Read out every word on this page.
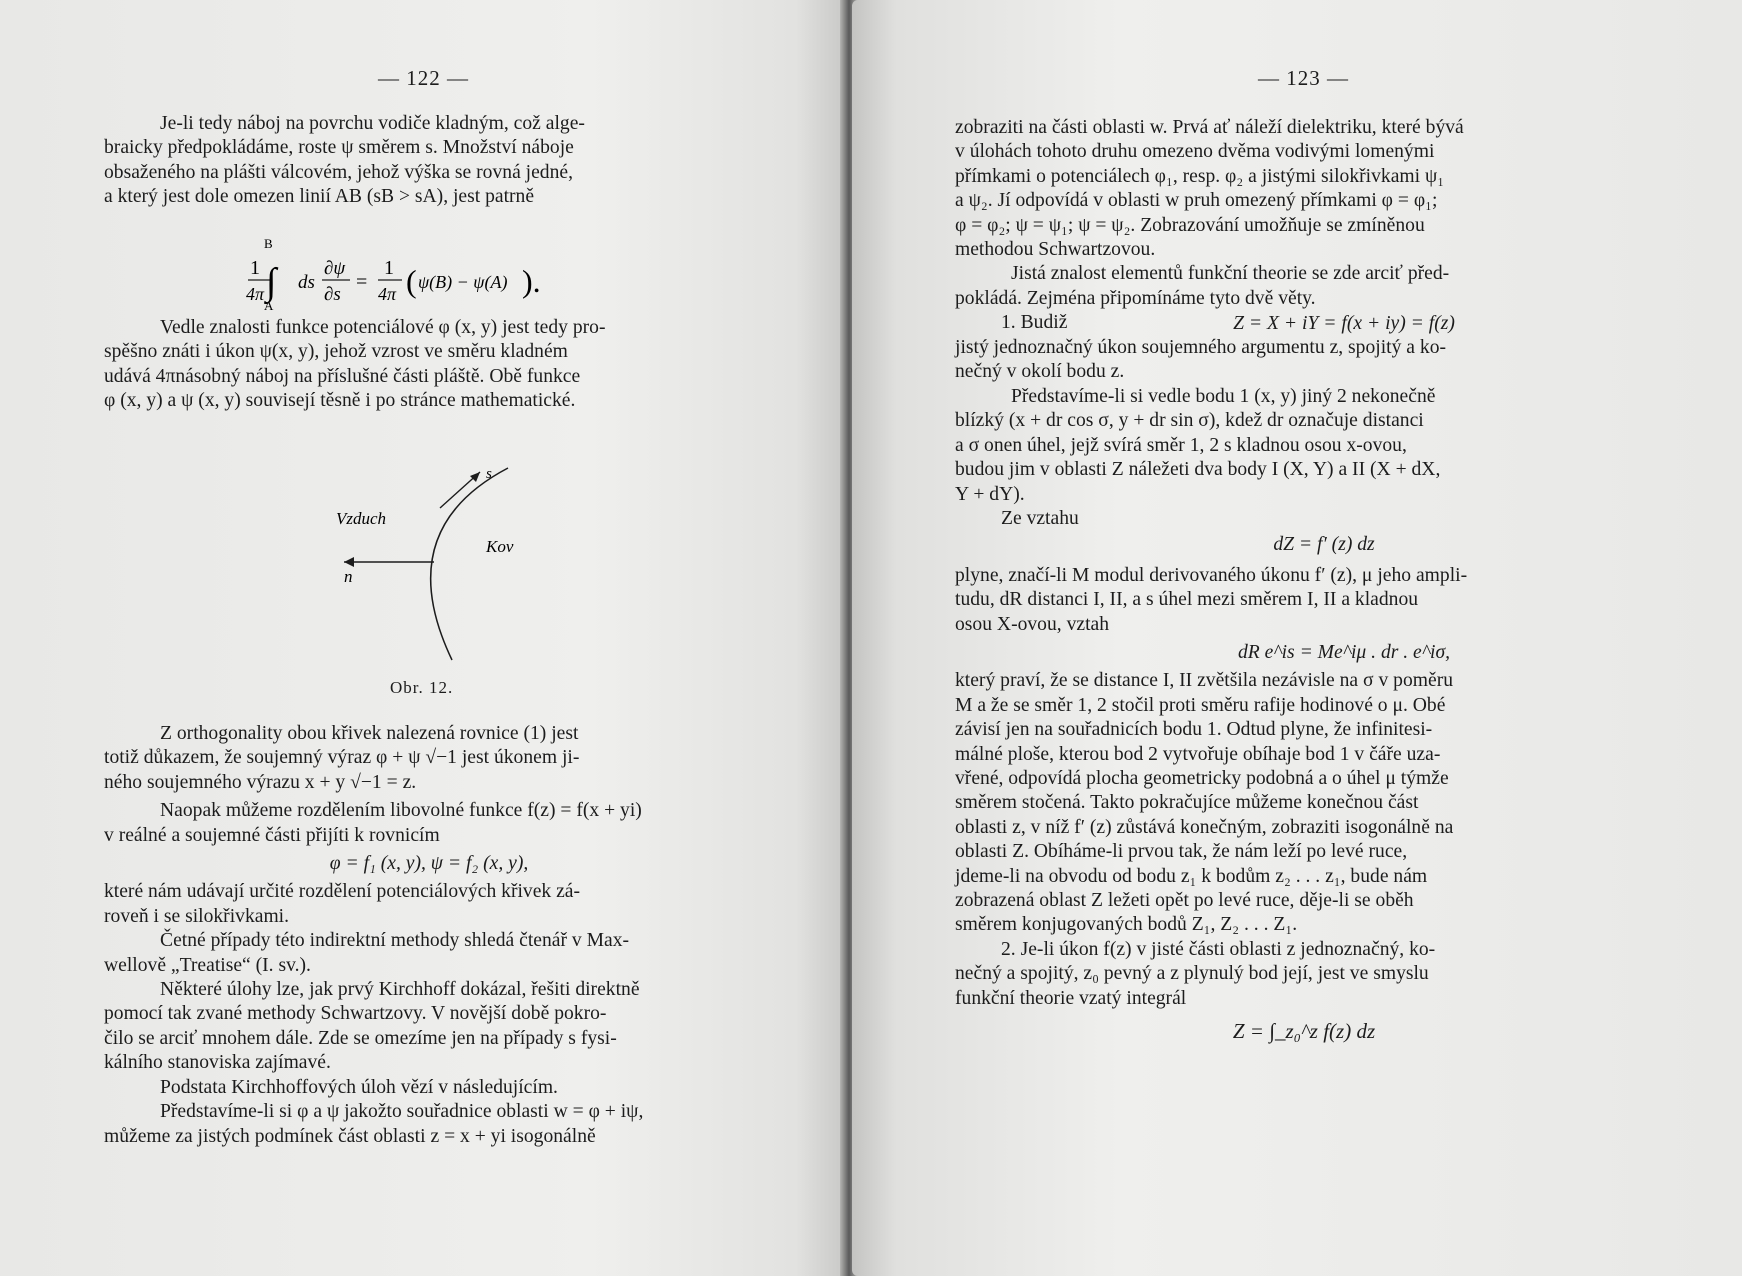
— 122 —
Je-li tedy náboj na povrchu vodiče kladným, což alge-
braicky předpokládáme, roste ψ směrem s. Množství náboje
obsaženého na plášti válcovém, jehož výška se rovná jedné,
a který jest dole omezen linií AB (sB > sA), jest patrně
B
1
4π ∫ ds
∂ψ
∂s
=
1
4π ( ψ(B) − ψ(A) ).
A
Vedle znalosti funkce potenciálové φ (x, y) jest tedy pro-
spěšno znáti i úkon ψ(x, y), jehož vzrost ve směru kladném
udává 4πnásobný náboj na příslušné části pláště. Obě funkce
φ (x, y) a ψ (x, y) souvisejí těsně i po stránce mathematické.
Vzduch
s
Kov
n
Obr. 12.
Z orthogonality obou křivek nalezená rovnice (1) jest
totiž důkazem, že soujemný výraz φ + ψ √−1 jest úkonem ji-
ného soujemného výrazu x + y √−1 = z.
Naopak můžeme rozdělením libovolné funkce f(z) = f(x + yi)
v reálné a soujemné části přijíti k rovnicím
φ = f₁ (x, y), ψ = f₂ (x, y),
které nám udávají určité rozdělení potenciálových křivek zá-
roveň i se silokřivkami.
Četné případy této indirektní methody shledá čtenář v Max-
wellově „Treatise“ (I. sv.).
Některé úlohy lze, jak prvý Kirchhoff dokázal, řešiti direktně
pomocí tak zvané methody Schwartzovy. V novější době pokro-
čilo se arciť mnohem dále. Zde se omezíme jen na případy s fysi-
kálního stanoviska zajímavé.
Podstata Kirchhoffových úloh vězí v následujícím.
Představíme-li si φ a ψ jakožto souřadnice oblasti w = φ + iψ,
můžeme za jistých podmínek část oblasti z = x + yi isogonálně
— 123 —
zobraziti na části oblasti w. Prvá ať náleží dielektriku, které bývá
v úlohách tohoto druhu omezeno dvěma vodivými lomenými
přímkami o potenciálech φ₁, resp. φ₂ a jistými silokřivkami ψ₁
a ψ₂. Jí odpovídá v oblasti w pruh omezený přímkami φ = φ₁;
φ = φ₂; ψ = ψ₁; ψ = ψ₂. Zobrazování umožňuje se zmíněnou
methodou Schwartzovou.
Jistá znalost elementů funkční theorie se zde arciť před-
pokládá. Zejména připomínáme tyto dvě věty.
1. Budiž	Z = X + iY = f(x + iy) = f(z)
jistý jednoznačný úkon soujemného argumentu z, spojitý a ko-
nečný v okolí bodu z.
Představíme-li si vedle bodu 1 (x, y) jiný 2 nekonečně
blízký (x + dr cos σ, y + dr sin σ), kdež dr označuje distanci
a σ onen úhel, jejž svírá směr 1, 2 s kladnou osou x-ovou,
budou jim v oblasti Z náležeti dva body I (X, Y) a II (X + dX,
Y + dY).
Ze vztahu
dZ = f′ (z) dz
plyne, značí-li M modul derivovaného úkonu f′ (z), μ jeho ampli-
tudu, dR distanci I, II, a s úhel mezi směrem I, II a kladnou
osou X-ovou, vztah
dR e^is = Me^iμ . dr . e^iσ,
který praví, že se distance I, II zvětšila nezávisle na σ v poměru
M a že se směr 1, 2 stočil proti směru rafije hodinové o μ. Obé
závisí jen na souřadnicích bodu 1. Odtud plyne, že infinitesi-
málné ploše, kterou bod 2 vytvořuje obíhaje bod 1 v čáře uza-
vřené, odpovídá plocha geometricky podobná a o úhel μ týmže
směrem stočená. Takto pokračujíce můžeme konečnou část
oblasti z, v níž f′ (z) zůstává konečným, zobraziti isogonálně na
oblasti Z. Obíháme-li prvou tak, že nám leží po levé ruce,
jdeme-li na obvodu od bodu z₁ k bodům z₂ . . . z₁, bude nám
zobrazená oblast Z ležeti opět po levé ruce, děje-li se oběh
směrem konjugovaných bodů Z₁, Z₂ . . . Z₁.
2. Je-li úkon f(z) v jisté části oblasti z jednoznačný, ko-
nečný a spojitý, z₀ pevný a z plynulý bod její, jest ve smyslu
funkční theorie vzatý integrál
Z = ∫_z₀^z f(z) dz
